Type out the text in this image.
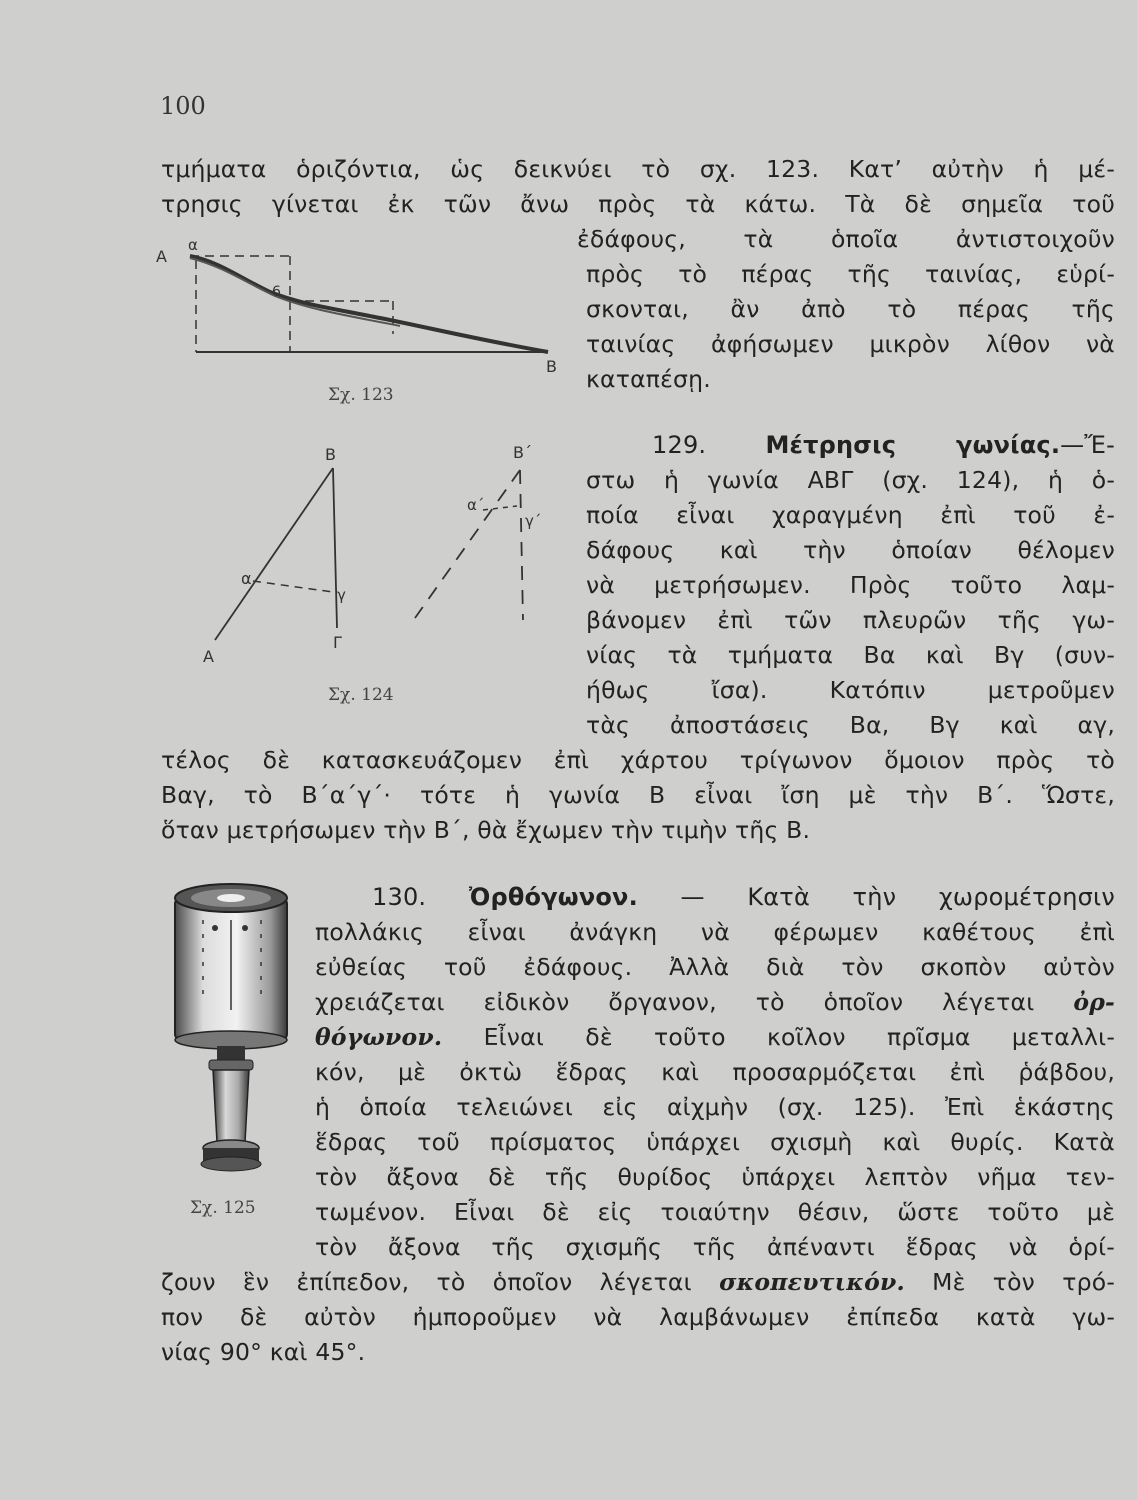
100
τμήματα ὁριζόντια, ὡς δεικνύει τὸ σχ. 123. Κατ’ αὐτὴν ἡ μέ-
τρησις γίνεται ἐκ τῶν ἄνω πρὸς τὰ κάτω. Τὰ δὲ σημεῖα τοῦ
ἐδάφους, τὰ ὁποῖα ἀντιστοιχοῦν
πρὸς τὸ πέρας τῆς ταινίας, εὑρί-
σκονται, ἂν ἀπὸ τὸ πέρας τῆς
ταινίας ἀφήσωμεν μικρὸν λίθον νὰ
καταπέσῃ.
A
α
6
B
Σχ. 123
129. Μέτρησις γωνίας.—Ἔ-
στω ἡ γωνία ΑΒΓ (σχ. 124), ἡ ὁ-
ποία εἶναι χαραγμένη ἐπὶ τοῦ ἐ-
δάφους καὶ τὴν ὁποίαν θέλομεν
νὰ μετρήσωμεν. Πρὸς τοῦτο λαμ-
βάνομεν ἐπὶ τῶν πλευρῶν τῆς γω-
νίας τὰ τμήματα Βα καὶ Βγ (συν-
ήθως ἴσα). Κατόπιν μετροῦμεν
τὰς ἀποστάσεις Βα, Βγ καὶ αγ,
B
A
α
γ
Γ
B΄
α΄
γ΄
Σχ. 124
τέλος δὲ κατασκευάζομεν ἐπὶ χάρτου τρίγωνον ὅμοιον πρὸς τὸ
Βαγ, τὸ Β΄α΄γ΄· τότε ἡ γωνία Β εἶναι ἴση μὲ τὴν Β΄. Ὥστε,
ὅταν μετρήσωμεν τὴν Β΄, θὰ ἔχωμεν τὴν τιμὴν τῆς Β.
130. Ὀρθόγωνον. — Κατὰ τὴν χωρομέτρησιν
πολλάκις εἶναι ἀνάγκη νὰ φέρωμεν καθέτους ἐπὶ
εὐθείας τοῦ ἐδάφους. Ἀλλὰ διὰ τὸν σκοπὸν αὐτὸν
χρειάζεται εἰδικὸν ὄργανον, τὸ ὁποῖον λέγεται ὀρ-
θόγωνον. Εἶναι δὲ τοῦτο κοῖλον πρῖσμα μεταλλι-
κόν, μὲ ὀκτὼ ἕδρας καὶ προσαρμόζεται ἐπὶ ῥάβδου,
ἡ ὁποία τελειώνει εἰς αἰχμὴν (σχ. 125). Ἐπὶ ἑκάστης
ἕδρας τοῦ πρίσματος ὑπάρχει σχισμὴ καὶ θυρίς. Κατὰ
τὸν ἄξονα δὲ τῆς θυρίδος ὑπάρχει λεπτὸν νῆμα τεν-
τωμένον. Εἶναι δὲ εἰς τοιαύτην θέσιν, ὥστε τοῦτο μὲ
τὸν ἄξονα τῆς σχισμῆς τῆς ἀπέναντι ἕδρας νὰ ὁρί-
ζουν ἓν ἐπίπεδον, τὸ ὁποῖον λέγεται σκοπευτικόν. Μὲ τὸν τρό-
πον δὲ αὐτὸν ἠμποροῦμεν νὰ λαμβάνωμεν ἐπίπεδα κατὰ γω-
νίας 90° καὶ 45°.
Σχ. 125
